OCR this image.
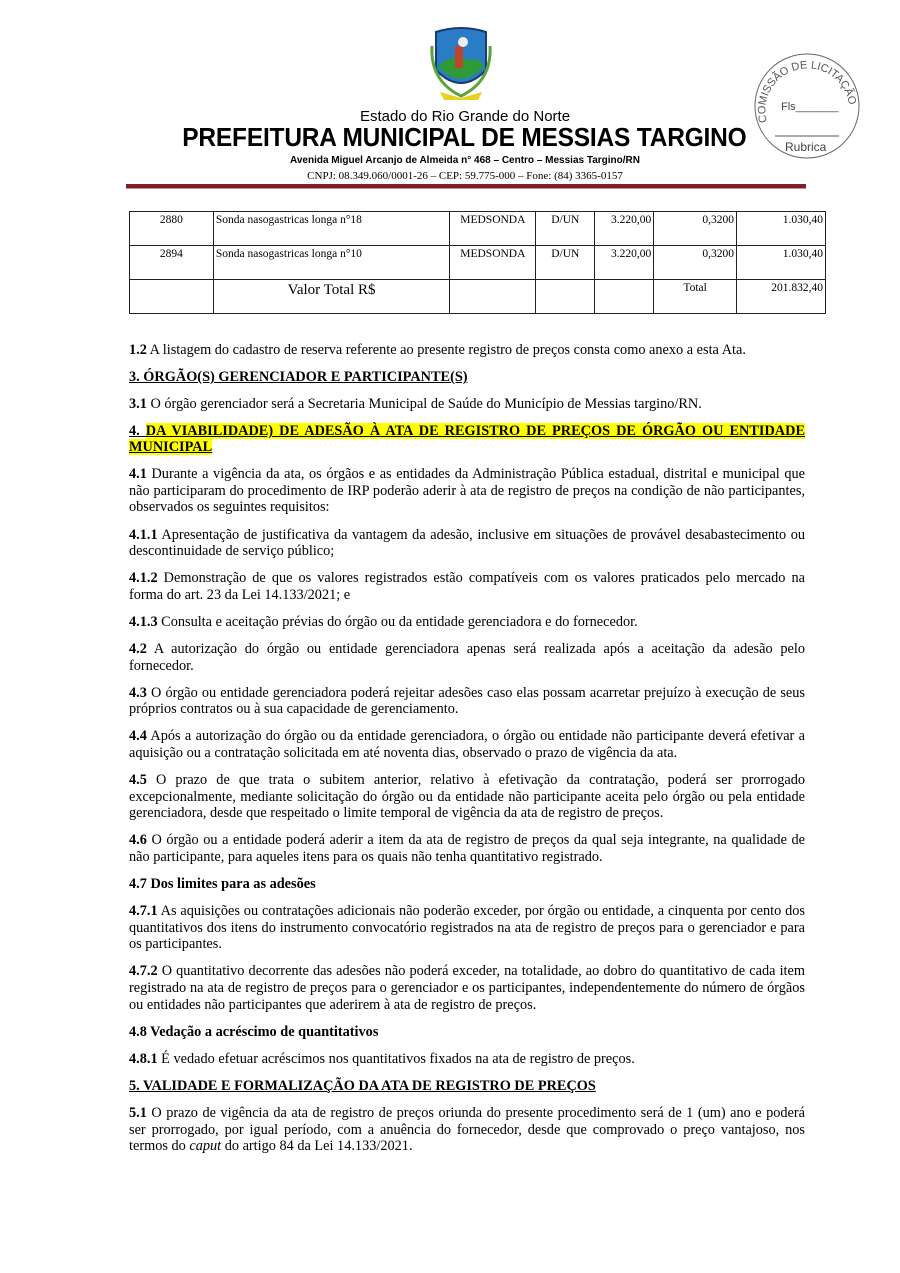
COMISSÃO DE LICITAÇÃO
Fls_______
Rubrica
Estado do Rio Grande do Norte
PREFEITURA MUNICIPAL DE MESSIAS TARGINO
Avenida Miguel Arcanjo de Almeida n° 468 – Centro – Messias Targino/RN
CNPJ: 08.349.060/0001-26 – CEP: 59.775-000 – Fone: (84) 3365-0157
2880	Sonda nasogastricas longa n°18	MEDSONDA	D/UN	3.220,00	0,3200	1.030,40
2894	Sonda nasogastricas longa n°10	MEDSONDA	D/UN	3.220,00	0,3200	1.030,40
	Valor Total R$				Total	201.832,40

1.2 A listagem do cadastro de reserva referente ao presente registro de preços consta como anexo a esta Ata.

3. ÓRGÃO(S) GERENCIADOR E PARTICIPANTE(S)

3.1 O órgão gerenciador será a Secretaria Municipal de Saúde do Município de Messias targino/RN.

4. DA VIABILIDADE) DE ADESÃO À ATA DE REGISTRO DE PREÇOS DE ÓRGÃO OU ENTIDADE MUNICIPAL

4.1 Durante a vigência da ata, os órgãos e as entidades da Administração Pública estadual, distrital e municipal que não participaram do procedimento de IRP poderão aderir à ata de registro de preços na condição de não participantes, observados os seguintes requisitos:

4.1.1 Apresentação de justificativa da vantagem da adesão, inclusive em situações de provável desabastecimento ou descontinuidade de serviço público;

4.1.2 Demonstração de que os valores registrados estão compatíveis com os valores praticados pelo mercado na forma do art. 23 da Lei 14.133/2021; e

4.1.3 Consulta e aceitação prévias do órgão ou da entidade gerenciadora e do fornecedor.

4.2 A autorização do órgão ou entidade gerenciadora apenas será realizada após a aceitação da adesão pelo fornecedor.

4.3 O órgão ou entidade gerenciadora poderá rejeitar adesões caso elas possam acarretar prejuízo à execução de seus próprios contratos ou à sua capacidade de gerenciamento.

4.4 Após a autorização do órgão ou da entidade gerenciadora, o órgão ou entidade não participante deverá efetivar a aquisição ou a contratação solicitada em até noventa dias, observado o prazo de vigência da ata.

4.5 O prazo de que trata o subitem anterior, relativo à efetivação da contratação, poderá ser prorrogado excepcionalmente, mediante solicitação do órgão ou da entidade não participante aceita pelo órgão ou pela entidade gerenciadora, desde que respeitado o limite temporal de vigência da ata de registro de preços.

4.6 O órgão ou a entidade poderá aderir a item da ata de registro de preços da qual seja integrante, na qualidade de não participante, para aqueles itens para os quais não tenha quantitativo registrado.

4.7 Dos limites para as adesões

4.7.1 As aquisições ou contratações adicionais não poderão exceder, por órgão ou entidade, a cinquenta por cento dos quantitativos dos itens do instrumento convocatório registrados na ata de registro de preços para o gerenciador e para os participantes.

4.7.2 O quantitativo decorrente das adesões não poderá exceder, na totalidade, ao dobro do quantitativo de cada item registrado na ata de registro de preços para o gerenciador e os participantes, independentemente do número de órgãos ou entidades não participantes que aderirem à ata de registro de preços.

4.8 Vedação a acréscimo de quantitativos

4.8.1 É vedado efetuar acréscimos nos quantitativos fixados na ata de registro de preços.

5. VALIDADE E FORMALIZAÇÃO DA ATA DE REGISTRO DE PREÇOS

5.1 O prazo de vigência da ata de registro de preços oriunda do presente procedimento será de 1 (um) ano e poderá ser prorrogado, por igual período, com a anuência do fornecedor, desde que comprovado o preço vantajoso, nos termos do caput do artigo 84 da Lei 14.133/2021.
